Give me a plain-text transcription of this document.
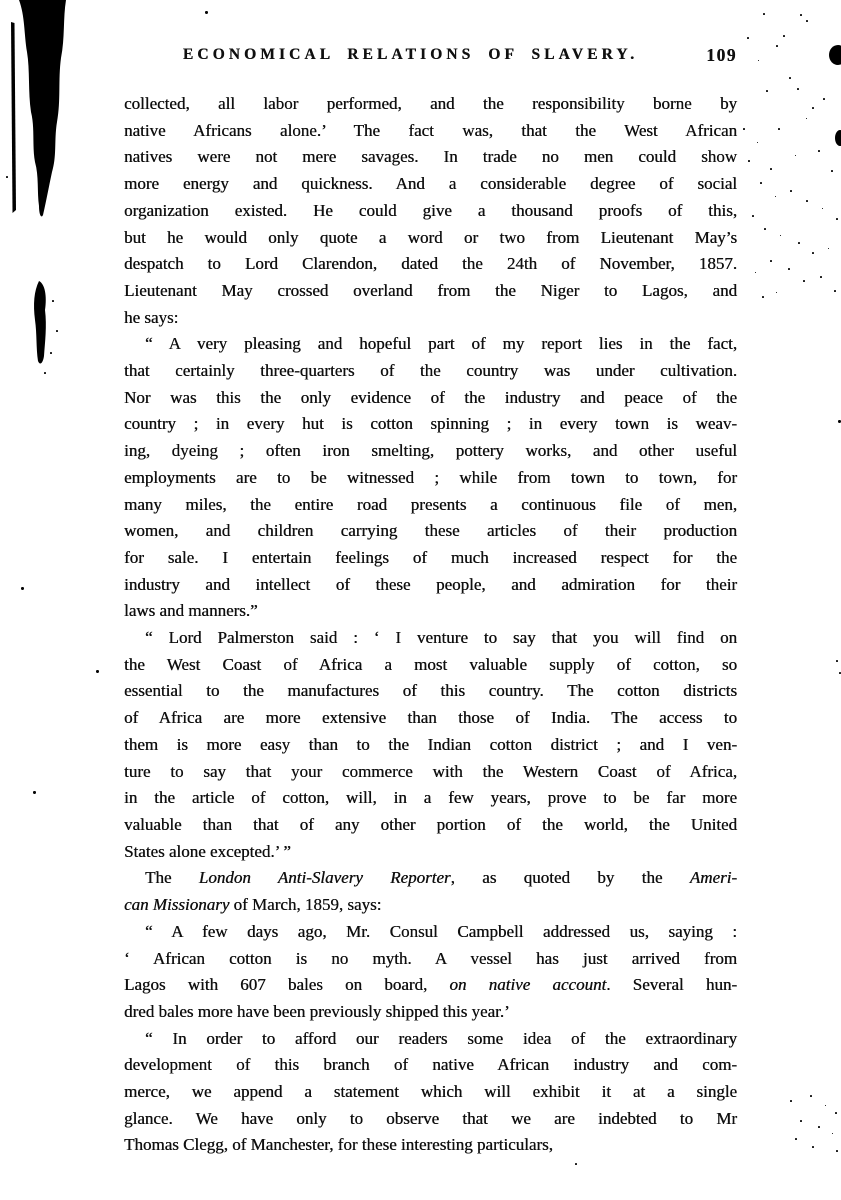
ECONOMICAL RELATIONS OF SLAVERY.	109
collected, all labor performed, and the responsibility borne by
native Africans alone.’ The fact was, that the West African
natives were not mere savages. In trade no men could show
more energy and quickness. And a considerable degree of social
organization existed. He could give a thousand proofs of this,
but he would only quote a word or two from Lieutenant May’s
despatch to Lord Clarendon, dated the 24th of November, 1857.
Lieutenant May crossed overland from the Niger to Lagos, and
he says:
“ A very pleasing and hopeful part of my report lies in the fact,
that certainly three-quarters of the country was under cultivation.
Nor was this the only evidence of the industry and peace of the
country ; in every hut is cotton spinning ; in every town is weav-
ing, dyeing ; often iron smelting, pottery works, and other useful
employments are to be witnessed ; while from town to town, for
many miles, the entire road presents a continuous file of men,
women, and children carrying these articles of their production
for sale. I entertain feelings of much increased respect for the
industry and intellect of these people, and admiration for their
laws and manners.”
“ Lord Palmerston said : ‘ I venture to say that you will find on
the West Coast of Africa a most valuable supply of cotton, so
essential to the manufactures of this country. The cotton districts
of Africa are more extensive than those of India. The access to
them is more easy than to the Indian cotton district ; and I ven-
ture to say that your commerce with the Western Coast of Africa,
in the article of cotton, will, in a few years, prove to be far more
valuable than that of any other portion of the world, the United
States alone excepted.’ ”
The London Anti-Slavery Reporter, as quoted by the Ameri-
can Missionary of March, 1859, says:
“ A few days ago, Mr. Consul Campbell addressed us, saying :
‘ African cotton is no myth. A vessel has just arrived from
Lagos with 607 bales on board, on native account. Several hun-
dred bales more have been previously shipped this year.’
“ In order to afford our readers some idea of the extraordinary
development of this branch of native African industry and com-
merce, we append a statement which will exhibit it at a single
glance. We have only to observe that we are indebted to Mr
Thomas Clegg, of Manchester, for these interesting particulars,
